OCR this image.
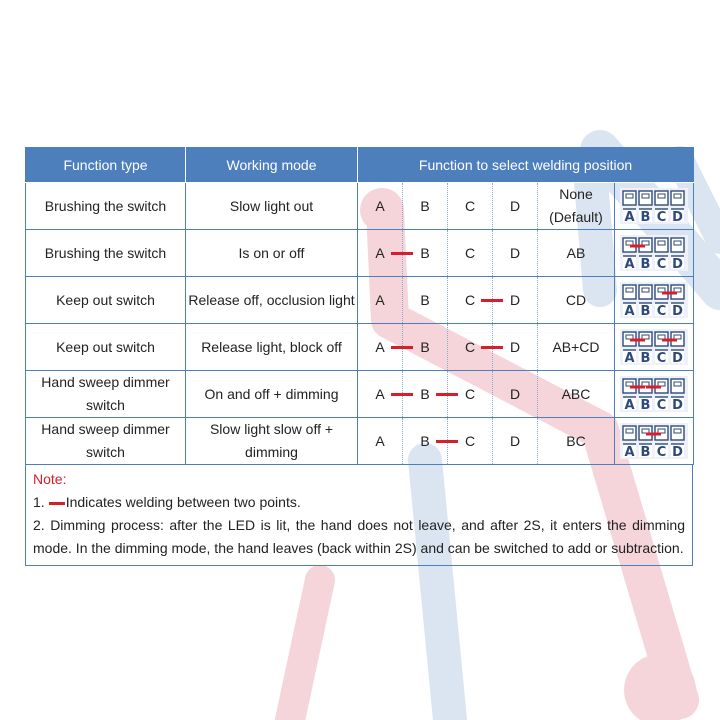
Function type	Working mode	Function to select welding position					
Brushing the switch	Slow light out	A	B	C	D	None (Default)	A B C D

Brushing the switch	Is on or off	A	B	C	D	AB	A B C D

Keep out switch	Release off, occlusion light	A	B	C	D	CD	A B C D

Keep out switch	Release light, block off	A	B	C	D	AB+CD	A B C D

Hand sweep dimmer switch	On and off + dimming	A	B	C	D	ABC	A B C D

Hand sweep dimmer switch	Slow light slow off + dimming	A	B	C	D	BC	A B C D
Note:

1. Indicates welding between two points.

2. Dimming process: after the LED is lit, the hand does not leave, and after 2S, it enters the dimming mode. In the dimming mode, the hand leaves (back within 2S) and can be switched to add or subtraction.
